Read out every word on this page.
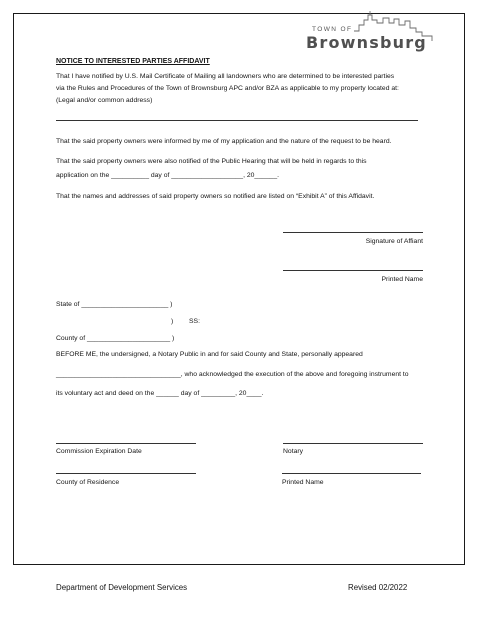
TOWN OF
Brownsburg
NOTICE TO INTERESTED PARTIES AFFIDAVIT
That I have notified by U.S. Mail Certificate of Mailing all landowners who are determined to be interested parties
via the Rules and Procedures of the Town of Brownsburg APC and/or BZA as applicable to my property located at:
(Legal and/or common address)
That the said property owners were informed by me of my application and the nature of the request to be heard.
That the said property owners were also notified of the Public Hearing that will be held in regards to this
application on the __________ day of ___________________, 20______.
That the names and addresses of said property owners so notified are listed on “Exhibit A” of this Affidavit.
Signature of Affiant
Printed Name
State of _______________________ )
) SS:
County of ______________________ )
BEFORE ME, the undersigned, a Notary Public in and for said County and State, personally appeared
_________________________________, who acknowledged the execution of the above and foregoing instrument to
its voluntary act and deed on the ______ day of _________, 20____.
Commission Expiration Date	Notary
County of Residence	Printed Name
Department of Development Services	Revised 02/2022
